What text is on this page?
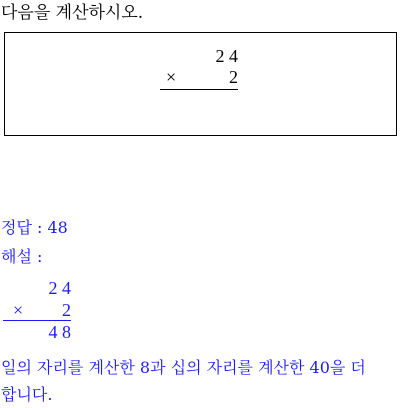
다음을 계산하시오.
2 4
×	2
정답 : 48
해설 :
2 4
×	2
4 8
일의 자리를 계산한 8과 십의 자리를 계산한 40을 더
합니다.
